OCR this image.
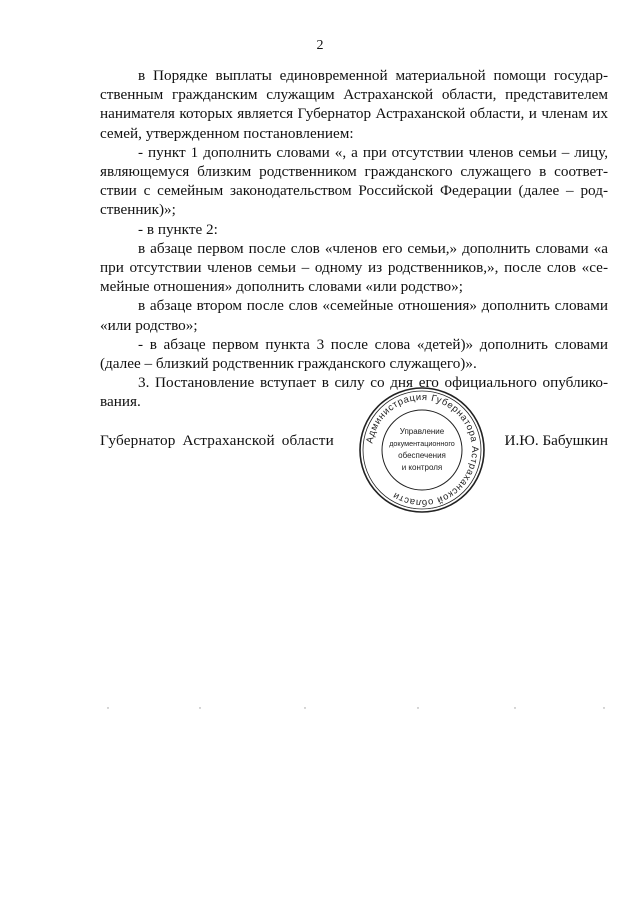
2

в Порядке выплаты единовременной материальной помощи государственным гражданским служащим Астраханской области, представителем нанимателя которых является Губернатор Астраханской области, и членам их семей, утвержденном постановлением:

- пункт 1 дополнить словами «, а при отсутствии членов семьи – лицу, являющемуся близким родственником гражданского служащего в соответствии с семейным законодательством Российской Федерации (далее – родственник)»;

- в пункте 2:

в абзаце первом после слов «членов его семьи,» дополнить словами «а при отсутствии членов семьи – одному из родственников,», после слов «семейные отношения» дополнить словами «или родство»;

в абзаце втором после слов «семейные отношения» дополнить словами «или родство»;

- в абзаце первом пункта 3 после слова «детей)» дополнить словами (далее – близкий родственник гражданского служащего)».

3. Постановление вступает в силу со дня его официального опубликования.

Губернатор Астраханской области	И.Ю. Бабушкин
Администрация Губернатора Астраханской области
Управление
документационного
обеспечения
и контроля
